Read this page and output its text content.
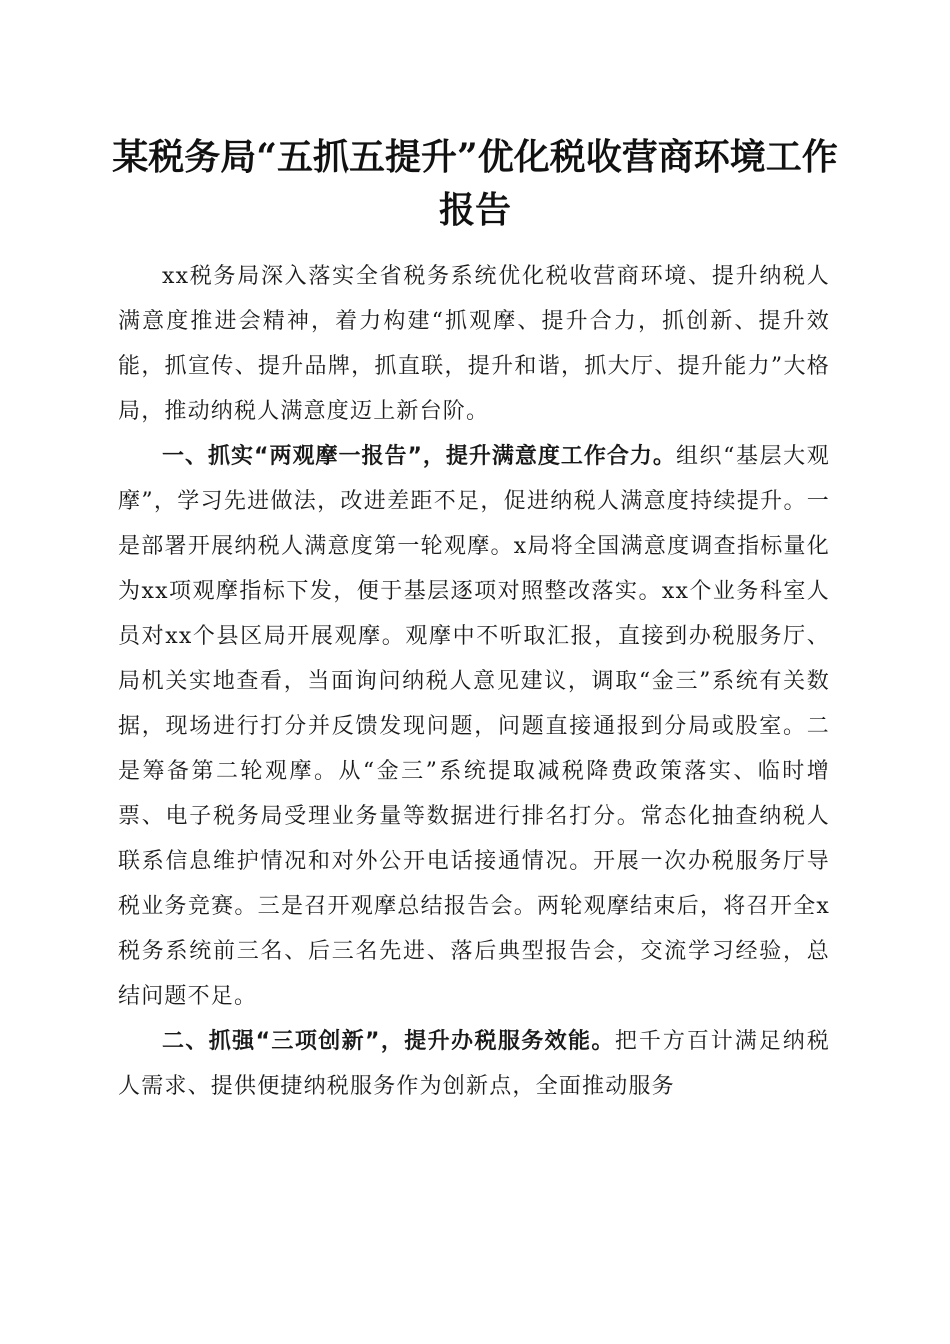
某税务局“五抓五提升”优化税收营商环境工作报告

xx税务局深入落实全省税务系统优化税收营商环境、提升纳税人满意度推进会精神，着力构建“抓观摩、提升合力，抓创新、提升效能，抓宣传、提升品牌，抓直联，提升和谐，抓大厅、提升能力”大格局，推动纳税人满意度迈上新台阶。

一、抓实“两观摩一报告”，提升满意度工作合力。组织“基层大观摩”，学习先进做法，改进差距不足，促进纳税人满意度持续提升。一是部署开展纳税人满意度第一轮观摩。x局将全国满意度调查指标量化为xx项观摩指标下发，便于基层逐项对照整改落实。xx个业务科室人员对xx个县区局开展观摩。观摩中不听取汇报，直接到办税服务厅、局机关实地查看，当面询问纳税人意见建议，调取“金三”系统有关数据，现场进行打分并反馈发现问题，问题直接通报到分局或股室。二是筹备第二轮观摩。从“金三”系统提取减税降费政策落实、临时增票、电子税务局受理业务量等数据进行排名打分。常态化抽查纳税人联系信息维护情况和对外公开电话接通情况。开展一次办税服务厅导税业务竞赛。三是召开观摩总结报告会。两轮观摩结束后，将召开全x税务系统前三名、后三名先进、落后典型报告会，交流学习经验，总结问题不足。

二、抓强“三项创新”，提升办税服务效能。把千方百计满足纳税人需求、提供便捷纳税服务作为创新点，全面推动服务
